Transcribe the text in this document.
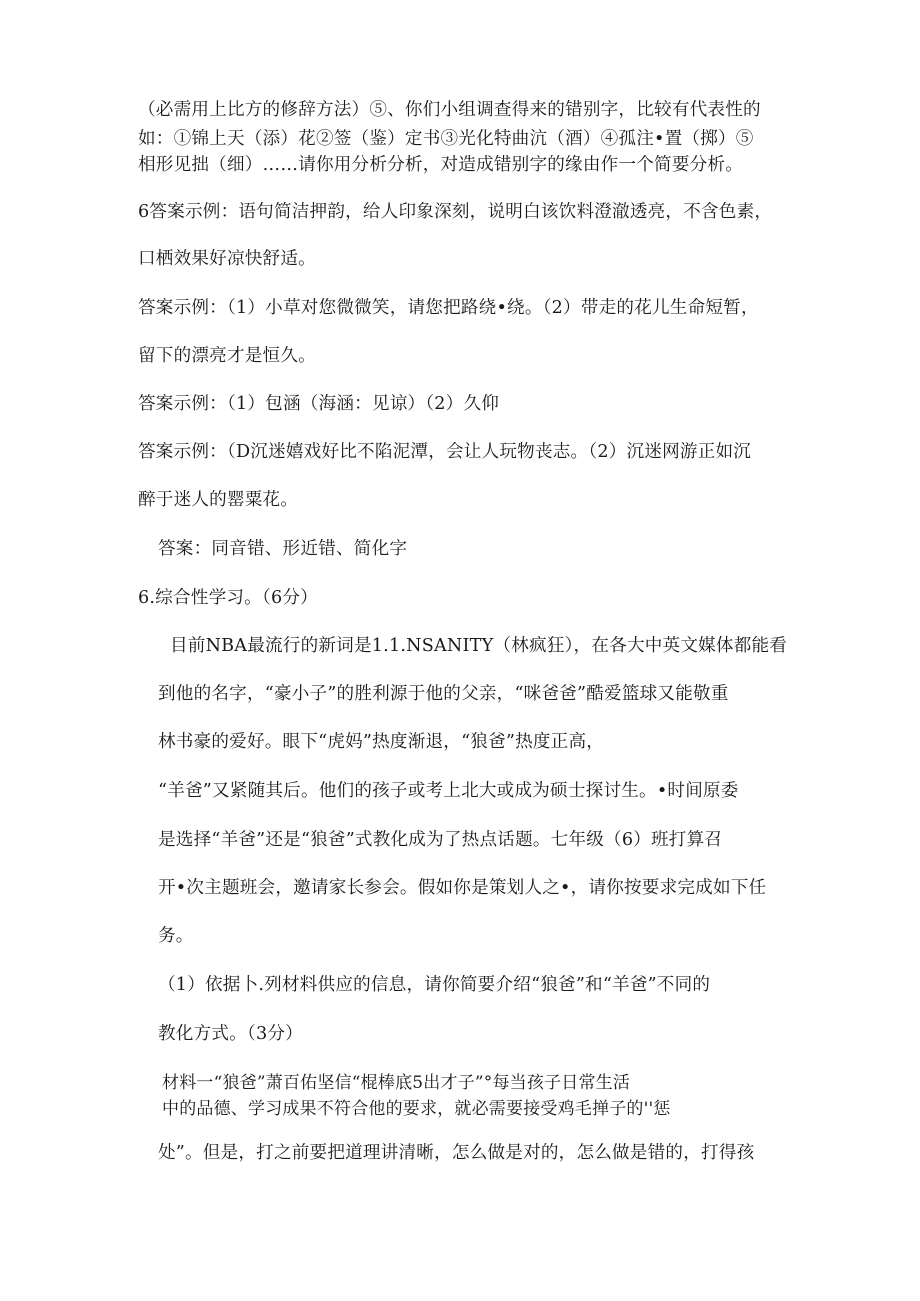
（必需用上比方的修辞方法）⑤、你们小组调查得来的错别字，比较有代表性的
如：①锦上天（添）花②签（鉴）定书③光化特曲沆（酒）④孤注•置（掷）⑤
相形见拙（细）……请你用分析分析，对造成错别字的缘由作一个简要分析。
6答案示例：语句简洁押韵，给人印象深刻，说明白该饮料澄澈透亮，不含色素，
口栖效果好凉快舒适。
答案示例：（1）小草对您微微笑，请您把路绕•绕。（2）带走的花儿生命短暂，
留下的漂亮才是恒久。
答案示例：（1）包涵（海涵：见谅）（2）久仰
答案示例：（D沉迷嬉戏好比不陷泥潭，会让人玩物丧志。（2）沉迷网游正如沉
醉于迷人的罂粟花。
答案：同音错、形近错、简化字
6.综合性学习。（6分）
目前NBA最流行的新词是1.1.NSANITY（林疯狂），在各大中英文媒体都能看
到他的名字，“豪小子”的胜利源于他的父亲，“咪爸爸”酷爱篮球又能敬重
林书豪的爱好。眼下“虎妈”热度渐退，“狼爸”热度正高，
“羊爸”又紧随其后。他们的孩子或考上北大或成为硕士探讨生。•时间原委
是选择“羊爸”还是“狼爸”式教化成为了热点话题。七年级（6）班打算召
开•次主题班会，邀请家长参会。假如你是策划人之•，请你按要求完成如下任
务。
（1）依据卜.列材料供应的信息，请你简要介绍“狼爸”和“羊爸”不同的
教化方式。（3分）
材料一“狼爸”萧百佑坚信“棍棒底5出才子”°每当孩子日常生活
中的品德、学习成果不符合他的要求，就必需要接受鸡毛掸子的''惩
处”。但是，打之前要把道理讲清晰，怎么做是对的，怎么做是错的，打得孩
